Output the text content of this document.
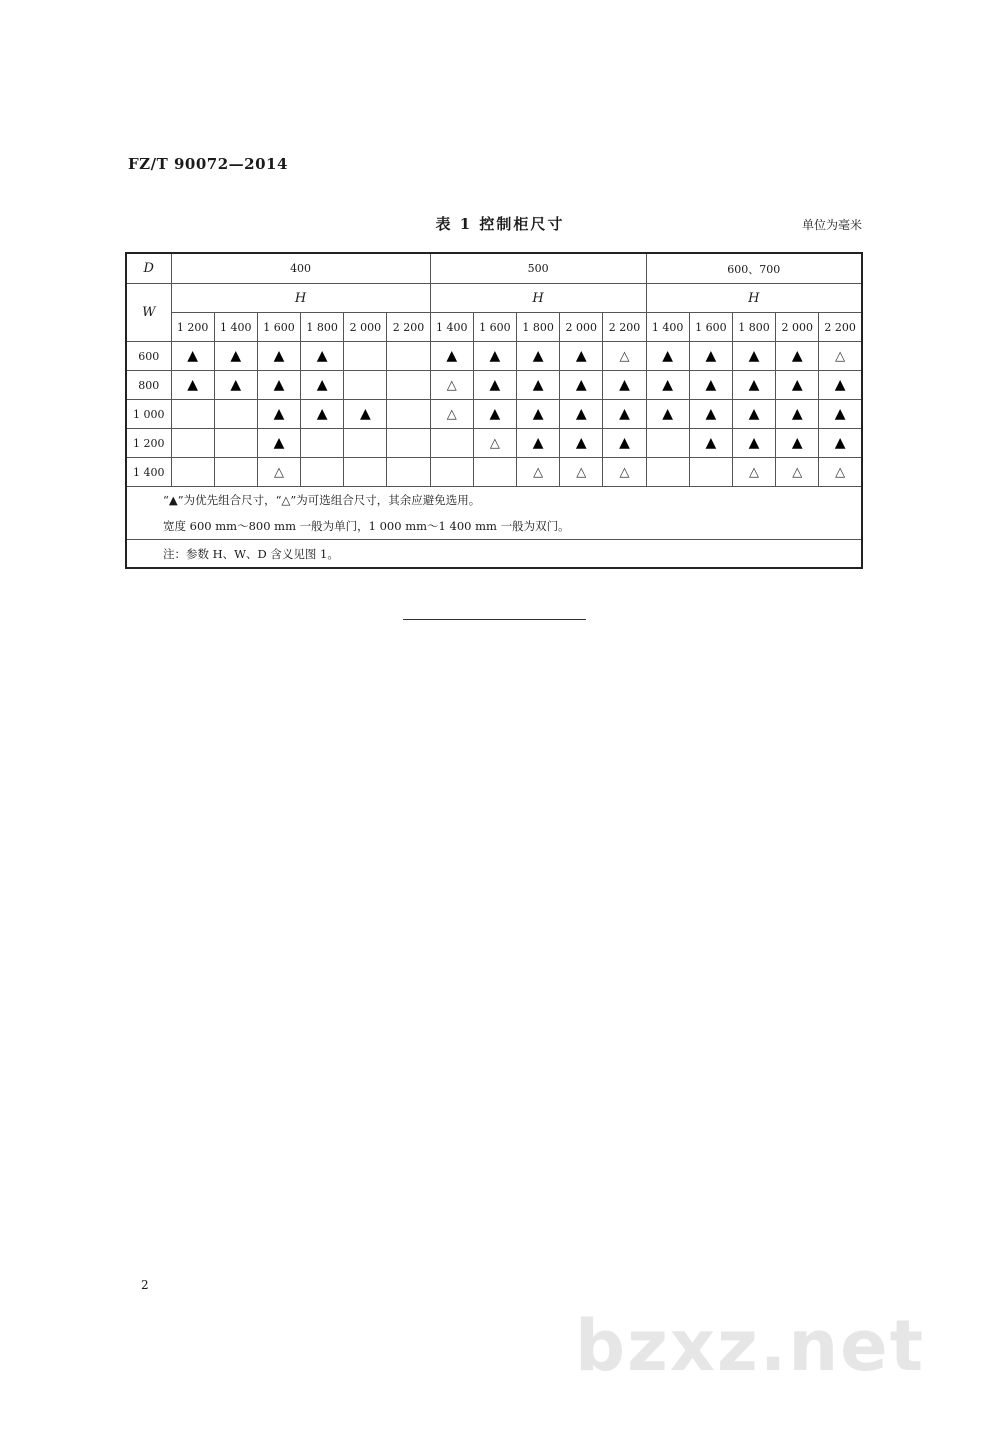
FZ/T 90072—2014
表 1 控制柜尺寸	单位为毫米
D	400						500					600、700				
W	H						H					H				
	1 200	1 400	1 600	1 800	2 000	2 200	1 400	1 600	1 800	2 000	2 200	1 400	1 600	1 800	2 000	2 200
600	▲	▲	▲	▲			▲	▲	▲	▲	△	▲	▲	▲	▲	△
800	▲	▲	▲	▲			△	▲	▲	▲	▲	▲	▲	▲	▲	▲
1 000			▲	▲	▲		△	▲	▲	▲	▲	▲	▲	▲	▲	▲
1 200			▲					△	▲	▲	▲		▲	▲	▲	▲
1 400			△						△	△	△			△	△	△

“▲”为优先组合尺寸，“△”为可选组合尺寸，其余应避免选用。
宽度 600 mm～800 mm 一般为单门，1 000 mm～1 400 mm 一般为双门。																

注：参数 H、W、D 含义见图 1。																
2
bzxz.net
